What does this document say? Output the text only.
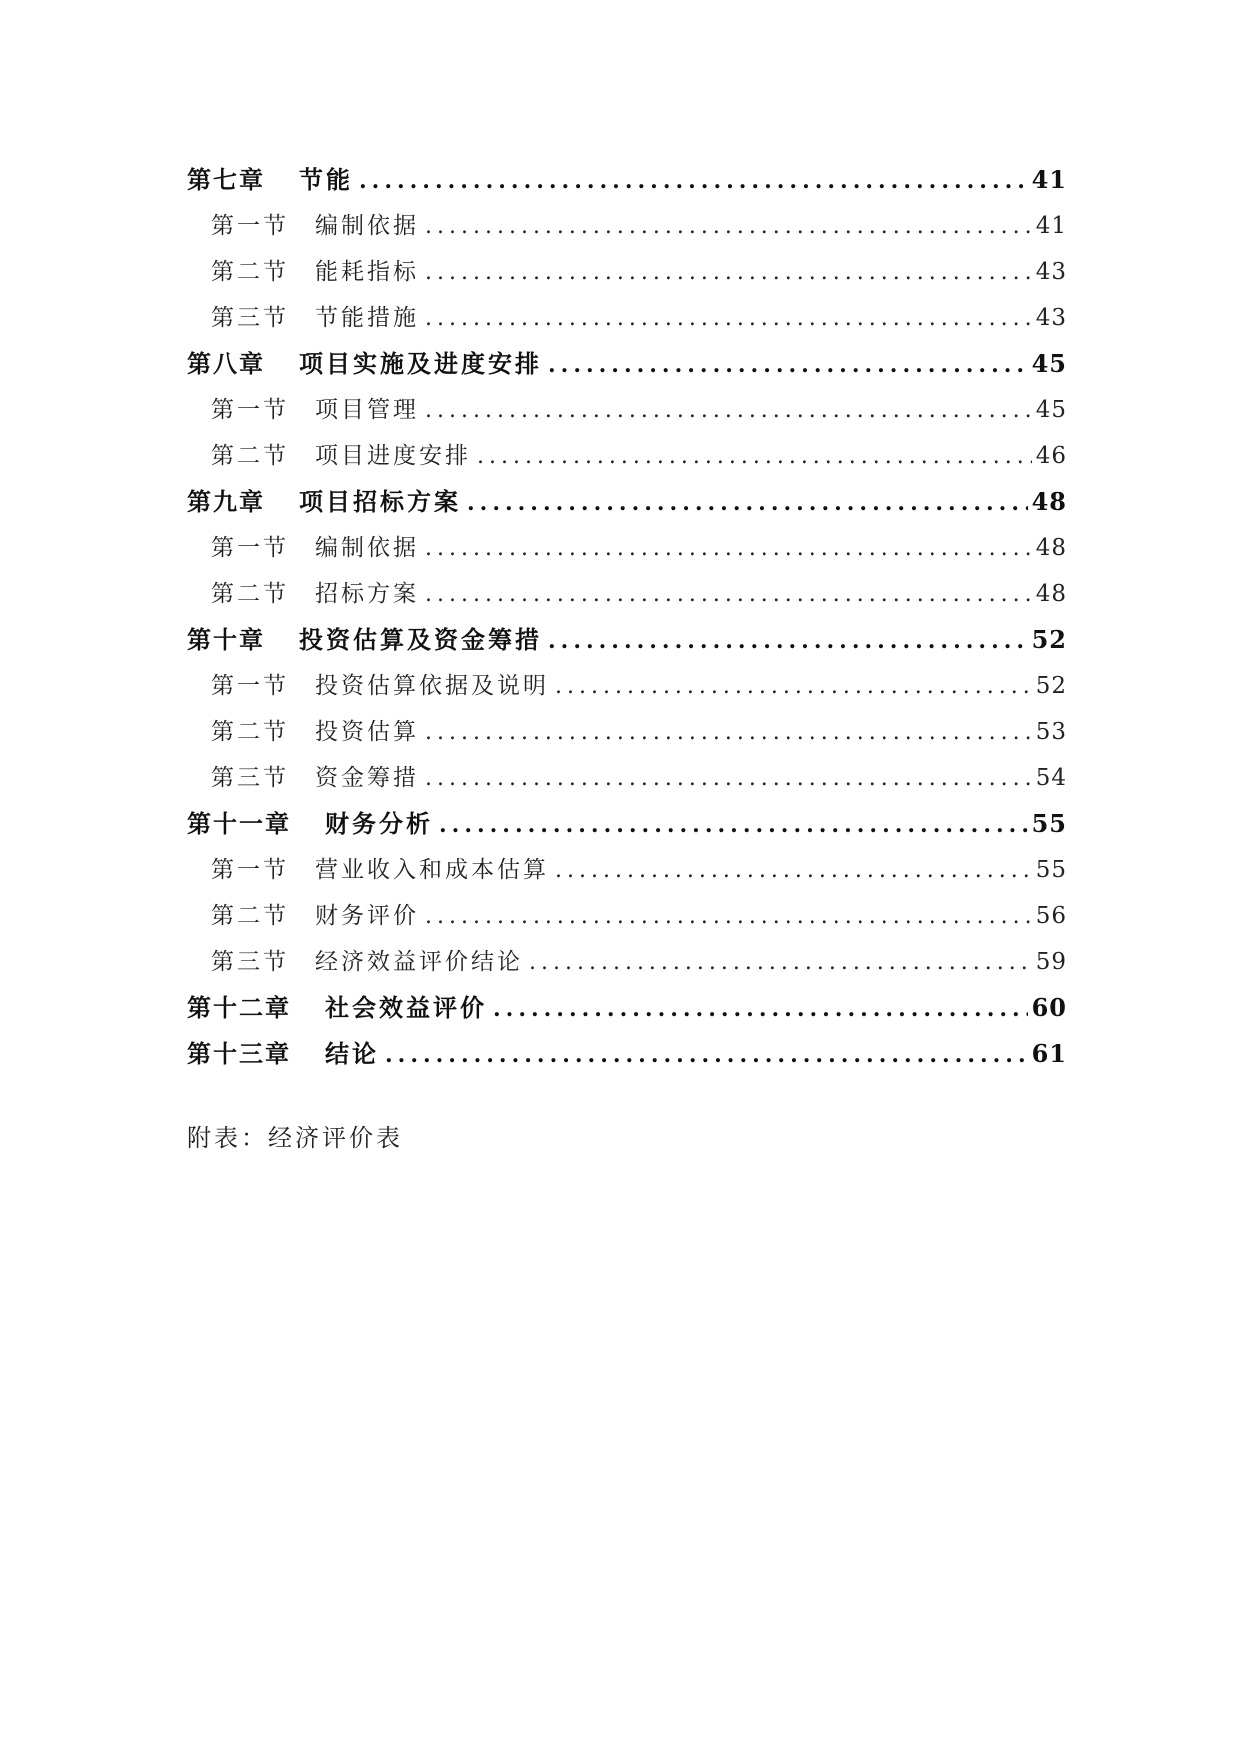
第七章 节能 .....	41
第一节 编制依据 .....	41
第二节 能耗指标 .....	43
第三节 节能措施 .....	43
第八章 项目实施及进度安排 .....	45
第一节 项目管理 .....	45
第二节 项目进度安排 .....	46
第九章 项目招标方案 .....	48
第一节 编制依据 .....	48
第二节 招标方案 .....	48
第十章 投资估算及资金筹措 .....	52
第一节 投资估算依据及说明 .....	52
第二节 投资估算 .....	53
第三节 资金筹措 .....	54
第十一章 财务分析 .....	55
第一节 营业收入和成本估算 .....	55
第二节 财务评价 .....	56
第三节 经济效益评价结论 .....	59
第十二章 社会效益评价 .....	60
第十三章 结论 .....	61
附表：经济评价表
